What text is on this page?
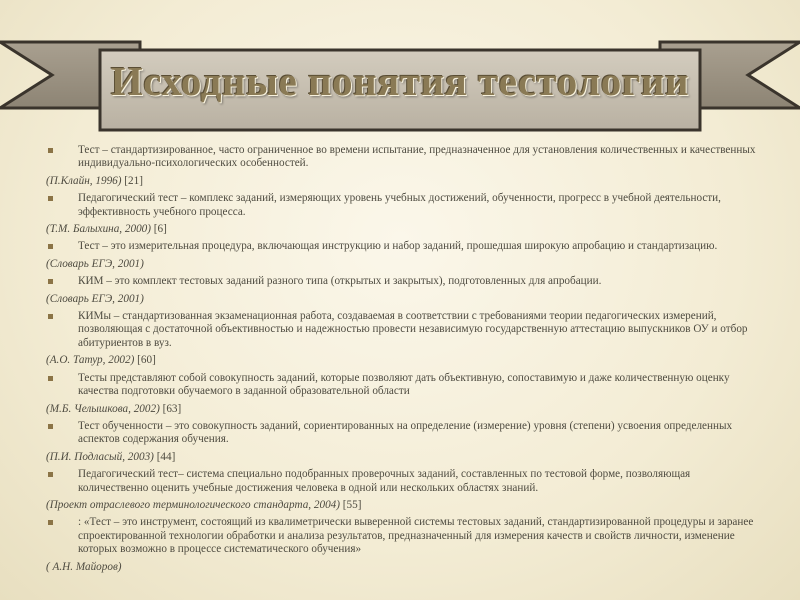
Исходные понятия тестологии
Тест – стандартизированное, часто ограниченное во времени испытание, предназначенное для установления количественных и качественных индивидуально-психологических особенностей.
(П.Клайн, 1996) [21]
Педагогический тест – комплекс заданий, измеряющих уровень учебных достижений, обученности, прогресс в учебной деятельности, эффективность учебного процесса.
(Т.М. Балыхина, 2000) [6]
Тест – это измерительная процедура, включающая инструкцию и набор заданий, прошедшая широкую апробацию и стандартизацию.
(Словарь ЕГЭ, 2001)
КИМ – это комплект тестовых заданий разного типа (открытых и закрытых), подготовленных для апробации.
(Словарь ЕГЭ, 2001)
КИМы – стандартизованная экзаменационная работа, создаваемая в соответствии с требованиями теории педагогических измерений, позволяющая с достаточной объективностью и надежностью провести независимую государственную аттестацию выпускников ОУ и отбор абитуриентов в вуз.
(А.О. Татур, 2002) [60]
Тесты представляют собой совокупность заданий, которые позволяют дать объективную, сопоставимую и даже количественную оценку качества подготовки обучаемого в заданной образовательной области
(М.Б. Челышкова, 2002) [63]
Тест обученности – это совокупность заданий, сориентированных на определение (измерение) уровня (степени) усвоения определенных аспектов содержания обучения.
(П.И. Подласый, 2003) [44]
Педагогический тест– система специально подобранных проверочных заданий, составленных по тестовой форме, позволяющая количественно оценить учебные достижения человека в одной или нескольких областях знаний.
(Проект отраслевого терминологического стандарта, 2004) [55]
: «Тест – это инструмент, состоящий из квалиметрически выверенной системы тестовых заданий, стандартизированной процедуры и заранее спроектированной технологии обработки и анализа результатов, предназначенный для измерения качеств и свойств личности, изменение которых возможно в процессе систематического обучения»
( А.Н. Майоров)
